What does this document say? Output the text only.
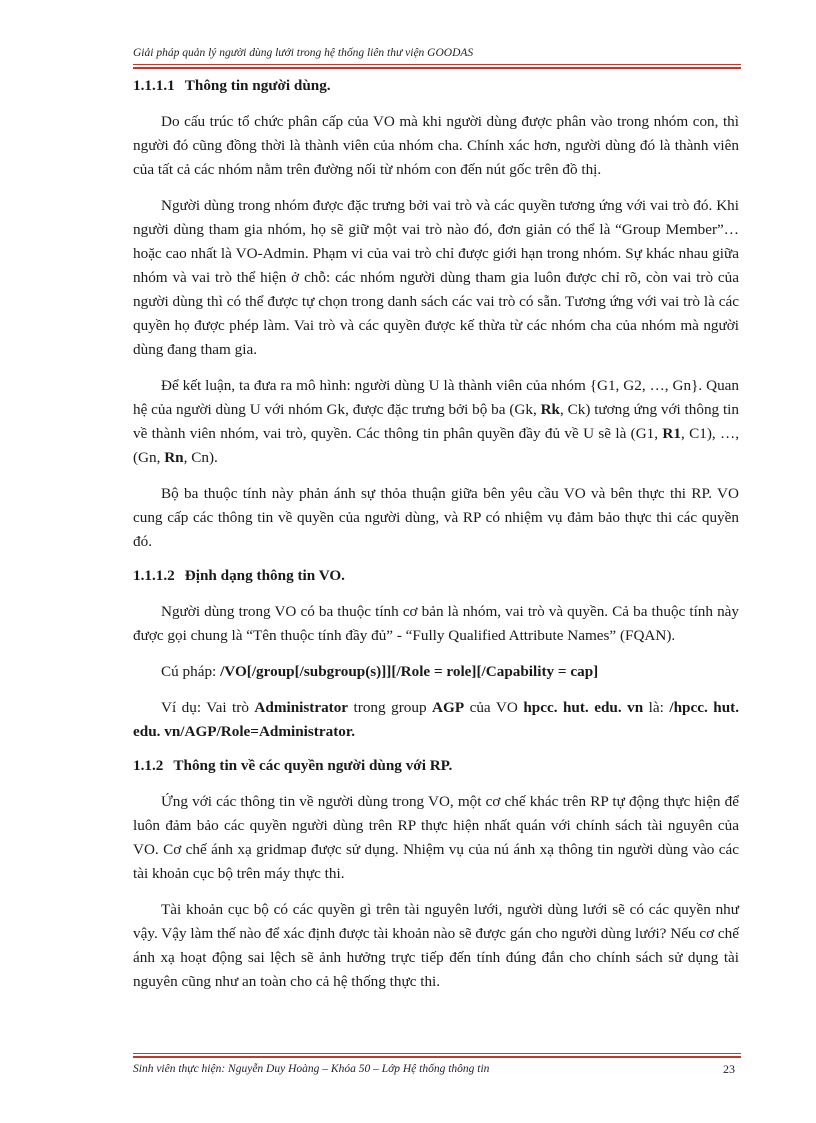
Giải pháp quản lý người dùng lưới trong hệ thống liên thư viện GOODAS

1.1.1.1 Thông tin người dùng.

Do cấu trúc tổ chức phân cấp của VO mà khi người dùng được phân vào trong nhóm con, thì người đó cũng đồng thời là thành viên của nhóm cha. Chính xác hơn, người dùng đó là thành viên của tất cả các nhóm nằm trên đường nối từ nhóm con đến nút gốc trên đồ thị.

Người dùng trong nhóm được đặc trưng bởi vai trò và các quyền tương ứng với vai trò đó. Khi người dùng tham gia nhóm, họ sẽ giữ một vai trò nào đó, đơn giản có thể là “Group Member”… hoặc cao nhất là VO-Admin. Phạm vi của vai trò chỉ được giới hạn trong nhóm. Sự khác nhau giữa nhóm và vai trò thể hiện ở chỗ: các nhóm người dùng tham gia luôn được chỉ rõ, còn vai trò của người dùng thì có thể được tự chọn trong danh sách các vai trò có sẵn. Tương ứng với vai trò là các quyền họ được phép làm. Vai trò và các quyền được kế thừa từ các nhóm cha của nhóm mà người dùng đang tham gia.

Để kết luận, ta đưa ra mô hình: người dùng U là thành viên của nhóm {G1, G2, …, Gn}. Quan hệ của người dùng U với nhóm Gk, được đặc trưng bởi bộ ba (Gk, Rk, Ck) tương ứng với thông tin về thành viên nhóm, vai trò, quyền. Các thông tin phân quyền đầy đủ về U sẽ là (G1, R1, C1), …, (Gn, Rn, Cn).

Bộ ba thuộc tính này phản ánh sự thỏa thuận giữa bên yêu cầu VO và bên thực thi RP. VO cung cấp các thông tin về quyền của người dùng, và RP có nhiệm vụ đảm bảo thực thi các quyền đó.

1.1.1.2 Định dạng thông tin VO.

Người dùng trong VO có ba thuộc tính cơ bản là nhóm, vai trò và quyền. Cả ba thuộc tính này được gọi chung là “Tên thuộc tính đầy đủ” - “Fully Qualified Attribute Names” (FQAN).

Cú pháp: /VO[/group[/subgroup(s)]][/Role = role][/Capability = cap]

Ví dụ: Vai trò Administrator trong group AGP của VO hpcc. hut. edu. vn là: /hpcc. hut. edu. vn/AGP/Role=Administrator.

1.1.2 Thông tin về các quyền người dùng với RP.

Ứng với các thông tin về người dùng trong VO, một cơ chế khác trên RP tự động thực hiện để luôn đảm bảo các quyền người dùng trên RP thực hiện nhất quán với chính sách tài nguyên của VO. Cơ chế ánh xạ gridmap được sử dụng. Nhiệm vụ của nú ánh xạ thông tin người dùng vào các tài khoản cục bộ trên máy thực thi.

Tài khoản cục bộ có các quyền gì trên tài nguyên lưới, người dùng lưới sẽ có các quyền như vậy. Vậy làm thế nào để xác định được tài khoản nào sẽ được gán cho người dùng lưới? Nếu cơ chế ánh xạ hoạt động sai lệch sẽ ảnh hưởng trực tiếp đến tính đúng đắn cho chính sách sử dụng tài nguyên cũng như an toàn cho cả hệ thống thực thi.

Sinh viên thực hiện: Nguyễn Duy Hoàng – Khóa 50 – Lớp Hệ thống thông tin	23
